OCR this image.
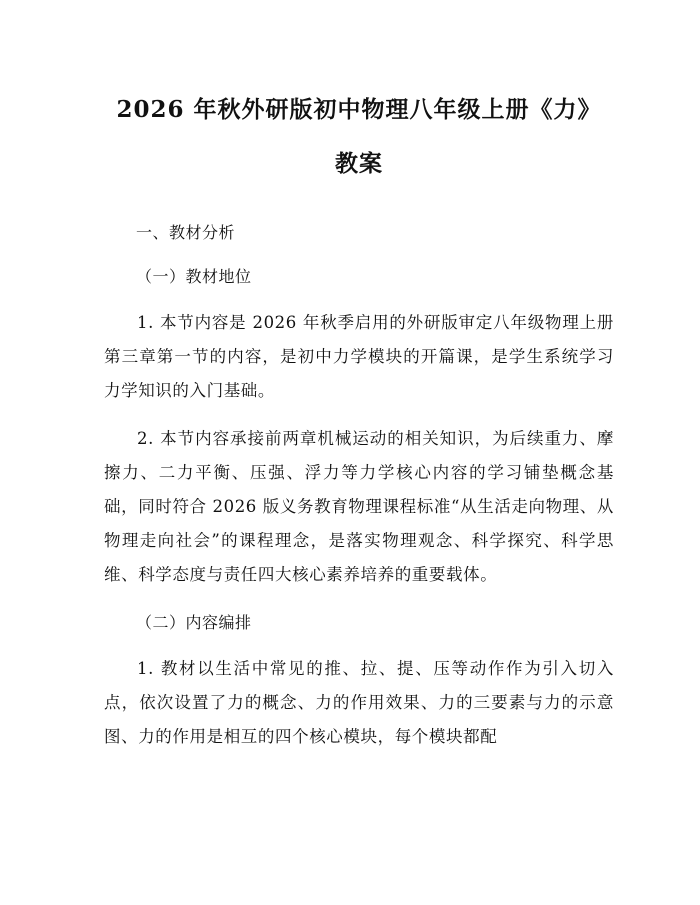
2026 年秋外研版初中物理八年级上册《力》
教案

一、教材分析

（一）教材地位

1. 本节内容是 2026 年秋季启用的外研版审定八年级物理上册第三章第一节的内容，是初中力学模块的开篇课，是学生系统学习力学知识的入门基础。

2. 本节内容承接前两章机械运动的相关知识，为后续重力、摩擦力、二力平衡、压强、浮力等力学核心内容的学习铺垫概念基础，同时符合 2026 版义务教育物理课程标准“从生活走向物理、从物理走向社会”的课程理念，是落实物理观念、科学探究、科学思维、科学态度与责任四大核心素养培养的重要载体。

（二）内容编排

1. 教材以生活中常见的推、拉、提、压等动作作为引入切入点，依次设置了力的概念、力的作用效果、力的三要素与力的示意图、力的作用是相互的四个核心模块，每个模块都配
